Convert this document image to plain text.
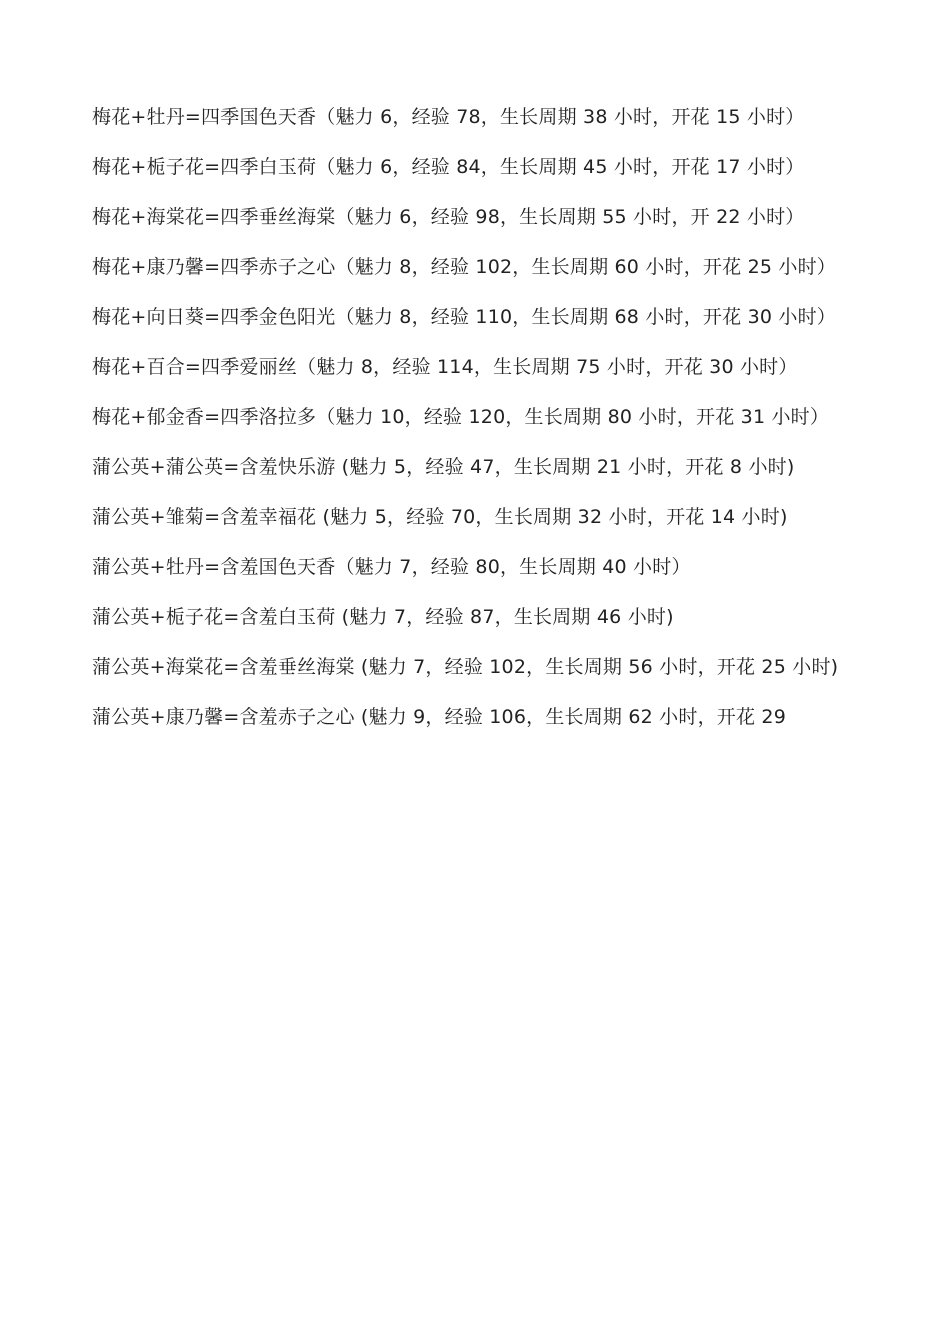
梅花+牡丹=四季国色天香（魅力 6，经验 78，生长周期 38 小时，开花 15 小时）

梅花+栀子花=四季白玉荷（魅力 6，经验 84，生长周期 45 小时，开花 17 小时）

梅花+海棠花=四季垂丝海棠（魅力 6，经验 98，生长周期 55 小时，开 22 小时）

梅花+康乃馨=四季赤子之心（魅力 8，经验 102，生长周期 60 小时，开花 25 小时）

梅花+向日葵=四季金色阳光（魅力 8，经验 110，生长周期 68 小时，开花 30 小时）

梅花+百合=四季爱丽丝（魅力 8，经验 114，生长周期 75 小时，开花 30 小时）

梅花+郁金香=四季洛拉多（魅力 10，经验 120，生长周期 80 小时，开花 31 小时）

蒲公英+蒲公英=含羞快乐游 (魅力 5，经验 47，生长周期 21 小时，开花 8 小时)

蒲公英+雏菊=含羞幸福花 (魅力 5，经验 70，生长周期 32 小时，开花 14 小时)

蒲公英+牡丹=含羞国色天香（魅力 7，经验 80，生长周期 40 小时）

蒲公英+栀子花=含羞白玉荷 (魅力 7，经验 87，生长周期 46 小时)

蒲公英+海棠花=含羞垂丝海棠 (魅力 7，经验 102，生长周期 56 小时，开花 25 小时)

蒲公英+康乃馨=含羞赤子之心 (魅力 9，经验 106，生长周期 62 小时，开花 29
